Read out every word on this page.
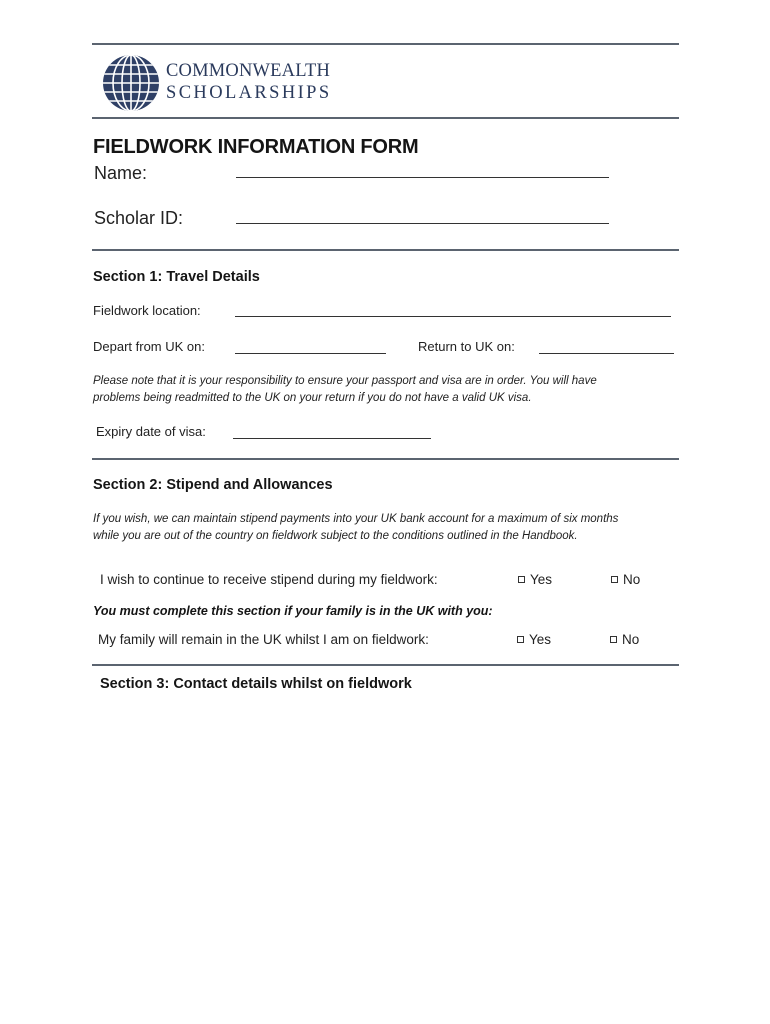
COMMONWEALTH
SCHOLARSHIPS
FIELDWORK INFORMATION FORM
Name:
Scholar ID:
Section 1: Travel Details
Fieldwork location:
Depart from UK on:	Return to UK on:
Please note that it is your responsibility to ensure your passport and visa are in order. You will have problems being readmitted to the UK on your return if you do not have a valid UK visa.
Expiry date of visa:
Section 2: Stipend and Allowances
If you wish, we can maintain stipend payments into your UK bank account for a maximum of six months while you are out of the country on fieldwork subject to the conditions outlined in the Handbook.
I wish to continue to receive stipend during my fieldwork:	Yes	No
You must complete this section if your family is in the UK with you:
My family will remain in the UK whilst I am on fieldwork:	Yes	No
Section 3: Contact details whilst on fieldwork
